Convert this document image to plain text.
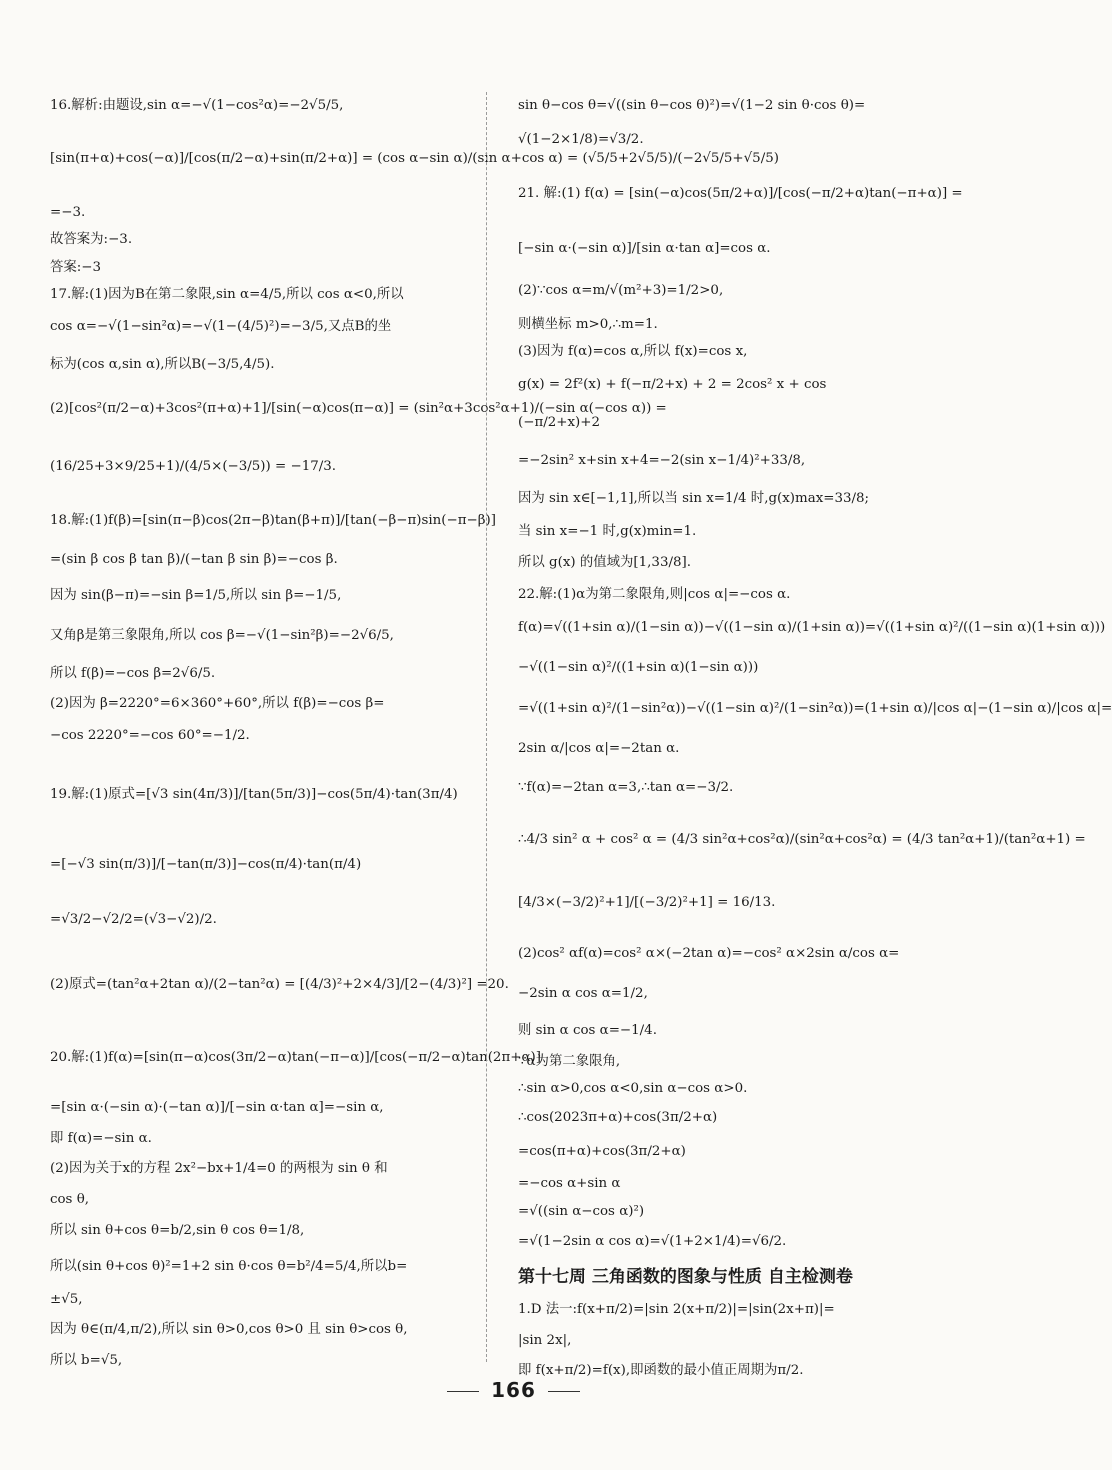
16.解析:由题设,sin α=−√(1−cos²α)=−2√5/5,
[sin(π+α)+cos(−α)]/[cos(π/2−α)+sin(π/2+α)] = (cos α−sin α)/(sin α+cos α) = (√5/5+2√5/5)/(−2√5/5+√5/5)
=−3.
故答案为:−3.
答案:−3
17.解:(1)因为B在第二象限,sin α=4/5,所以 cos α<0,所以
cos α=−√(1−sin²α)=−√(1−(4/5)²)=−3/5,又点B的坐
标为(cos α,sin α),所以B(−3/5,4/5).
(2)[cos²(π/2−α)+3cos²(π+α)+1]/[sin(−α)cos(π−α)] = (sin²α+3cos²α+1)/(−sin α(−cos α)) =
(16/25+3×9/25+1)/(4/5×(−3/5)) = −17/3.
18.解:(1)f(β)=[sin(π−β)cos(2π−β)tan(β+π)]/[tan(−β−π)sin(−π−β)]
=(sin β cos β tan β)/(−tan β sin β)=−cos β.
因为 sin(β−π)=−sin β=1/5,所以 sin β=−1/5,
又角β是第三象限角,所以 cos β=−√(1−sin²β)=−2√6/5,
所以 f(β)=−cos β=2√6/5.
(2)因为 β=2220°=6×360°+60°,所以 f(β)=−cos β=
−cos 2220°=−cos 60°=−1/2.
19.解:(1)原式=[√3 sin(4π/3)]/[tan(5π/3)]−cos(5π/4)·tan(3π/4)
=[−√3 sin(π/3)]/[−tan(π/3)]−cos(π/4)·tan(π/4)
=√3/2−√2/2=(√3−√2)/2.
(2)原式=(tan²α+2tan α)/(2−tan²α) = [(4/3)²+2×4/3]/[2−(4/3)²] =20.
20.解:(1)f(α)=[sin(π−α)cos(3π/2−α)tan(−π−α)]/[cos(−π/2−α)tan(2π+α)]
=[sin α·(−sin α)·(−tan α)]/[−sin α·tan α]=−sin α,
即 f(α)=−sin α.
(2)因为关于x的方程 2x²−bx+1/4=0 的两根为 sin θ 和
cos θ,
所以 sin θ+cos θ=b/2,sin θ cos θ=1/8,
所以(sin θ+cos θ)²=1+2 sin θ·cos θ=b²/4=5/4,所以b=
±√5,
因为 θ∈(π/4,π/2),所以 sin θ>0,cos θ>0 且 sin θ>cos θ,
所以 b=√5,
sin θ−cos θ=√((sin θ−cos θ)²)=√(1−2 sin θ·cos θ)=
√(1−2×1/8)=√3/2.
21. 解:(1) f(α) = [sin(−α)cos(5π/2+α)]/[cos(−π/2+α)tan(−π+α)] =
[−sin α·(−sin α)]/[sin α·tan α]=cos α.
(2)∵cos α=m/√(m²+3)=1/2>0,
则横坐标 m>0,∴m=1.
(3)因为 f(α)=cos α,所以 f(x)=cos x,
g(x) = 2f²(x) + f(−π/2+x) + 2 = 2cos² x + cos
(−π/2+x)+2
=−2sin² x+sin x+4=−2(sin x−1/4)²+33/8,
因为 sin x∈[−1,1],所以当 sin x=1/4 时,g(x)max=33/8;
当 sin x=−1 时,g(x)min=1.
所以 g(x) 的值域为[1,33/8].
22.解:(1)α为第二象限角,则|cos α|=−cos α.
f(α)=√((1+sin α)/(1−sin α))−√((1−sin α)/(1+sin α))=√((1+sin α)²/((1−sin α)(1+sin α)))
−√((1−sin α)²/((1+sin α)(1−sin α)))
=√((1+sin α)²/(1−sin²α))−√((1−sin α)²/(1−sin²α))=(1+sin α)/|cos α|−(1−sin α)/|cos α|=
2sin α/|cos α|=−2tan α.
∵f(α)=−2tan α=3,∴tan α=−3/2.
∴4/3 sin² α + cos² α = (4/3 sin²α+cos²α)/(sin²α+cos²α) = (4/3 tan²α+1)/(tan²α+1) =
[4/3×(−3/2)²+1]/[(−3/2)²+1] = 16/13.
(2)cos² αf(α)=cos² α×(−2tan α)=−cos² α×2sin α/cos α=
−2sin α cos α=1/2,
则 sin α cos α=−1/4.
∵α为第二象限角,
∴sin α>0,cos α<0,sin α−cos α>0.
∴cos(2023π+α)+cos(3π/2+α)
=cos(π+α)+cos(3π/2+α)
=−cos α+sin α
=√((sin α−cos α)²)
=√(1−2sin α cos α)=√(1+2×1/4)=√6/2.
第十七周 三角函数的图象与性质 自主检测卷
1.D 法一:f(x+π/2)=|sin 2(x+π/2)|=|sin(2x+π)|=
|sin 2x|,
即 f(x+π/2)=f(x),即函数的最小值正周期为π/2.
166
